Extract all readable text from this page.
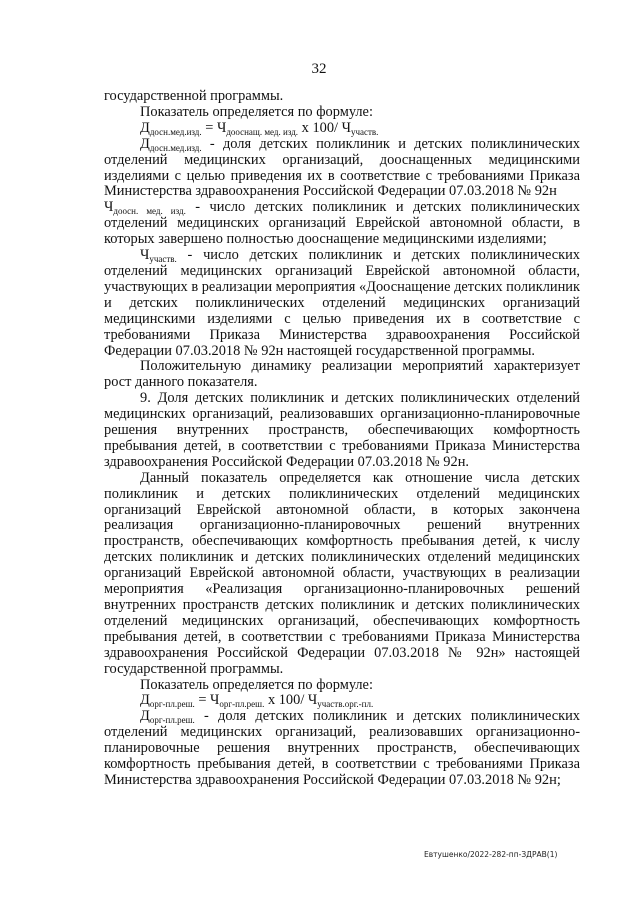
32

государственной программы.

Показатель определяется по формуле:

$Д_{досн.мед.изд.} = Ч_{дооснащ. мед. изд.}$ х 100/ $Ч_{участв.}$

$Д_{досн.мед.изд.}$ - доля детских поликлиник и детских поликлинических отделений медицинских организаций, дооснащенных медицинскими изделиями с целью приведения их в соответствие с требованиями Приказа Министерства здравоохранения Российской Федерации 07.03.2018 № 92н

$Ч_{доосн. мед. изд.}$ - число детских поликлиник и детских поликлинических отделений медицинских организаций Еврейской автономной области, в которых завершено полностью дооснащение медицинскими изделиями;

$Ч_{участв.}$ - число детских поликлиник и детских поликлинических отделений медицинских организаций Еврейской автономной области, участвующих в реализации мероприятия «Дооснащение детских поликлиник и детских поликлинических отделений медицинских организаций медицинскими изделиями с целью приведения их в соответствие с требованиями Приказа Министерства здравоохранения Российской Федерации 07.03.2018 № 92н настоящей государственной программы.

Положительную динамику реализации мероприятий характеризует рост данного показателя.

9. Доля детских поликлиник и детских поликлинических отделений медицинских организаций, реализовавших организационно-планировочные решения внутренних пространств, обеспечивающих комфортность пребывания детей, в соответствии с требованиями Приказа Министерства здравоохранения Российской Федерации 07.03.2018 № 92н.

Данный показатель определяется как отношение числа детских поликлиник и детских поликлинических отделений медицинских организаций Еврейской автономной области, в которых закончена реализация организационно-планировочных решений внутренних пространств, обеспечивающих комфортность пребывания детей, к числу детских поликлиник и детских поликлинических отделений медицинских организаций Еврейской автономной области, участвующих в реализации мероприятия «Реализация организационно-планировочных решений внутренних пространств детских поликлиник и детских поликлинических отделений медицинских организаций, обеспечивающих комфортность пребывания детей, в соответствии с требованиями Приказа Министерства здравоохранения Российской Федерации 07.03.2018 № 92н» настоящей государственной программы.

Показатель определяется по формуле:

$Д_{орг-пл.реш.} = Ч_{орг-пл.реш.}$ х 100/ $Ч_{участв.орг.-пл.}$

$Д_{орг-пл.реш.}$ - доля детских поликлиник и детских поликлинических отделений медицинских организаций, реализовавших организационно-планировочные решения внутренних пространств, обеспечивающих комфортность пребывания детей, в соответствии с требованиями Приказа Министерства здравоохранения Российской Федерации 07.03.2018 № 92н;

Евтушенко/2022-282-пп-ЗДРАВ(1)
